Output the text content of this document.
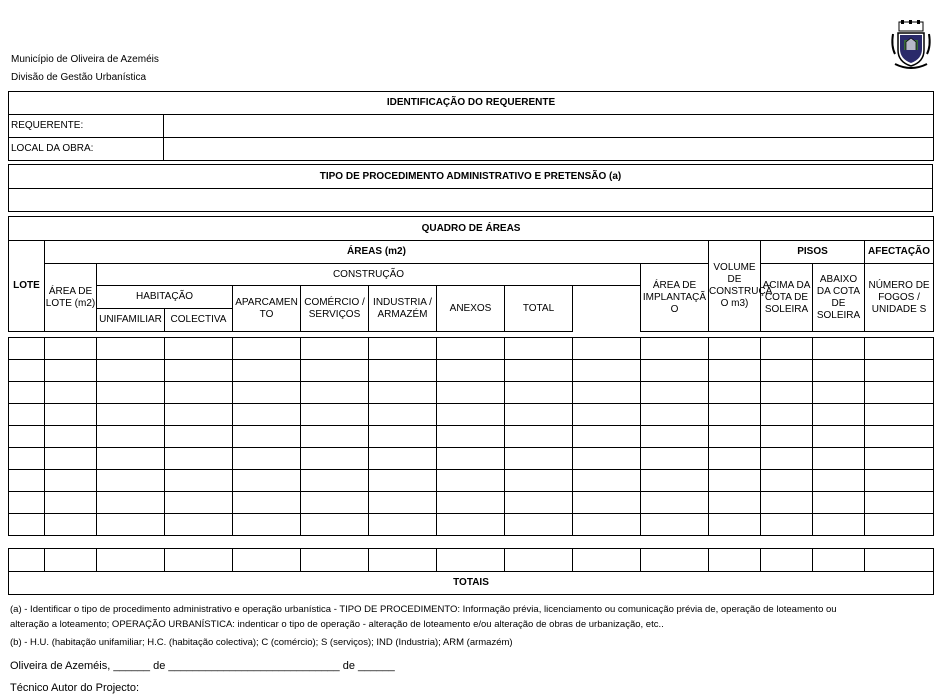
Município de Oliveira de Azeméis
Divisão de Gestão Urbanística
IDENTIFICAÇÃO DO REQUERENTE	
REQUERENTE:	
LOCAL DA OBRA:	
TIPO DE PROCEDIMENTO ADMINISTRATIVO E PRETENSÃO (a)

QUADRO DE ÁREAS														
LOTE	ÁREAS (m2)									VOLUME DE CONSTRUÇÃ O m3)	PISOS		AFECTAÇÃO	
	ÁREA DE LOTE (m2)	CONSTRUÇÃO							ÁREA DE IMPLANTAÇÃ O		ACIMA DA COTA DE SOLEIRA	ABAIXO DA COTA DE SOLEIRA	NÚMERO DE FOGOS / UNIDADE S	
		HABITAÇÃO		APARCAMEN TO	COMÉRCIO / SERVIÇOS	INDUSTRIA / ARMAZÉM	ANEXOS	TOTAL						
		UNIFAMILIAR	COLECTIVA											

TOTAIS
(a) - Identificar o tipo de procedimento administrativo e operação urbanística - TIPO DE PROCEDIMENTO: Informação prévia, licenciamento ou comunicação prévia de, operação de loteamento ou
alteração a loteamento; OPERAÇÃO URBANÍSTICA: indenticar o tipo de operação - alteração de loteamento e/ou alteração de obras de urbanização, etc..
(b) - H.U. (habitação unifamiliar; H.C. (habitação colectiva); C (comércio); S (serviços); IND (Industria); ARM (armazém)
Oliveira de Azeméis, ______ de ____________________________ de ______
Técnico Autor do Projecto:
